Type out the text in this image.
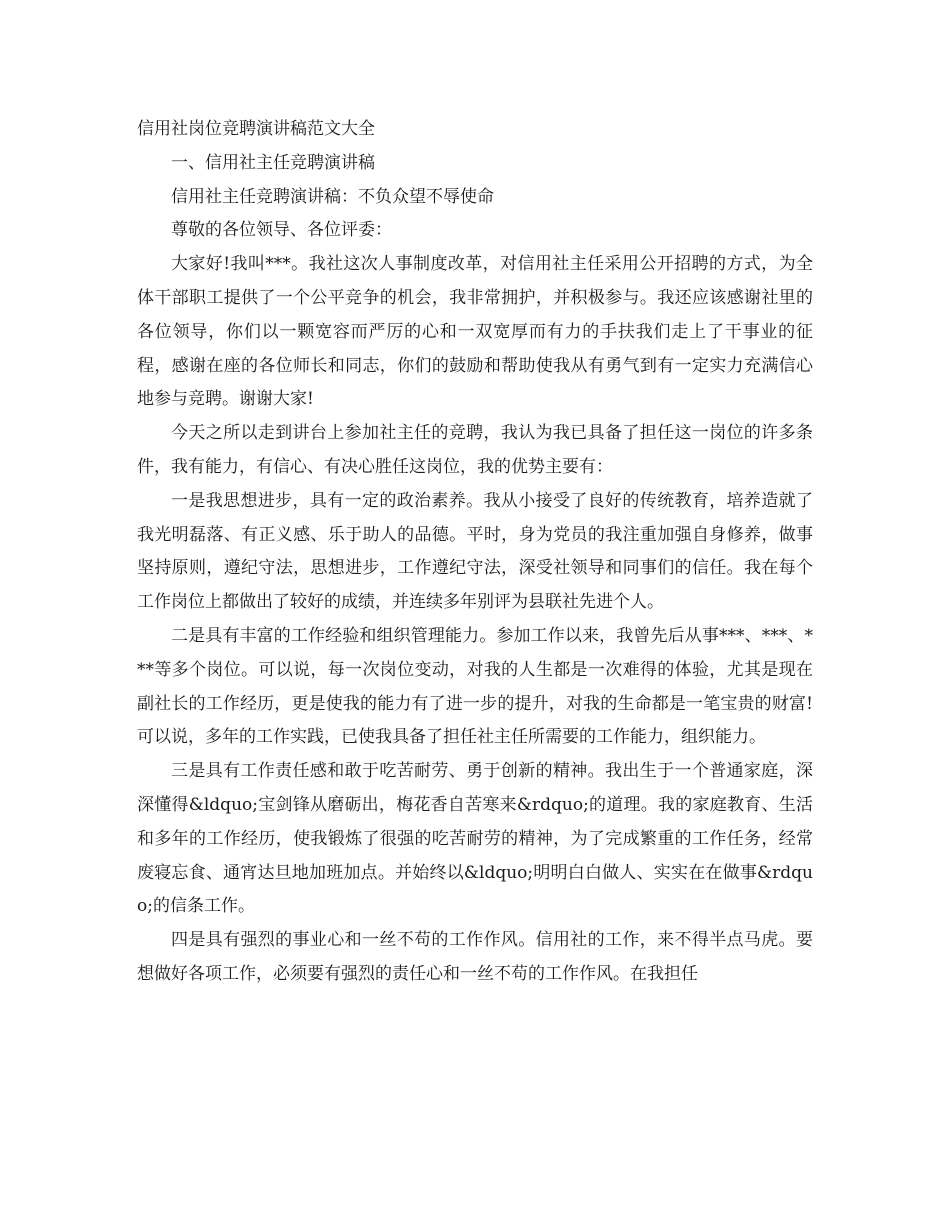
信用社岗位竞聘演讲稿范文大全

一、信用社主任竞聘演讲稿

信用社主任竞聘演讲稿：不负众望不辱使命

尊敬的各位领导、各位评委：

大家好!我叫***。我社这次人事制度改革，对信用社主任采用公开招聘的方式，为全体干部职工提供了一个公平竞争的机会，我非常拥护，并积极参与。我还应该感谢社里的各位领导，你们以一颗宽容而严厉的心和一双宽厚而有力的手扶我们走上了干事业的征程，感谢在座的各位师长和同志，你们的鼓励和帮助使我从有勇气到有一定实力充满信心地参与竞聘。谢谢大家!

今天之所以走到讲台上参加社主任的竞聘，我认为我已具备了担任这一岗位的许多条件，我有能力，有信心、有决心胜任这岗位，我的优势主要有：

一是我思想进步，具有一定的政治素养。我从小接受了良好的传统教育，培养造就了我光明磊落、有正义感、乐于助人的品德。平时，身为党员的我注重加强自身修养，做事坚持原则，遵纪守法，思想进步，工作遵纪守法，深受社领导和同事们的信任。我在每个工作岗位上都做出了较好的成绩，并连续多年别评为县联社先进个人。

二是具有丰富的工作经验和组织管理能力。参加工作以来，我曾先后从事***、***、***等多个岗位。可以说，每一次岗位变动，对我的人生都是一次难得的体验，尤其是现在副社长的工作经历，更是使我的能力有了进一步的提升，对我的生命都是一笔宝贵的财富!可以说，多年的工作实践，已使我具备了担任社主任所需要的工作能力，组织能力。

三是具有工作责任感和敢于吃苦耐劳、勇于创新的精神。我出生于一个普通家庭，深深懂得&ldquo;宝剑锋从磨砺出，梅花香自苦寒来&rdquo;的道理。我的家庭教育、生活和多年的工作经历，使我锻炼了很强的吃苦耐劳的精神，为了完成繁重的工作任务，经常废寝忘食、通宵达旦地加班加点。并始终以&ldquo;明明白白做人、实实在在做事&rdquo;的信条工作。

四是具有强烈的事业心和一丝不苟的工作作风。信用社的工作，来不得半点马虎。要想做好各项工作，必须要有强烈的责任心和一丝不苟的工作作风。在我担任
